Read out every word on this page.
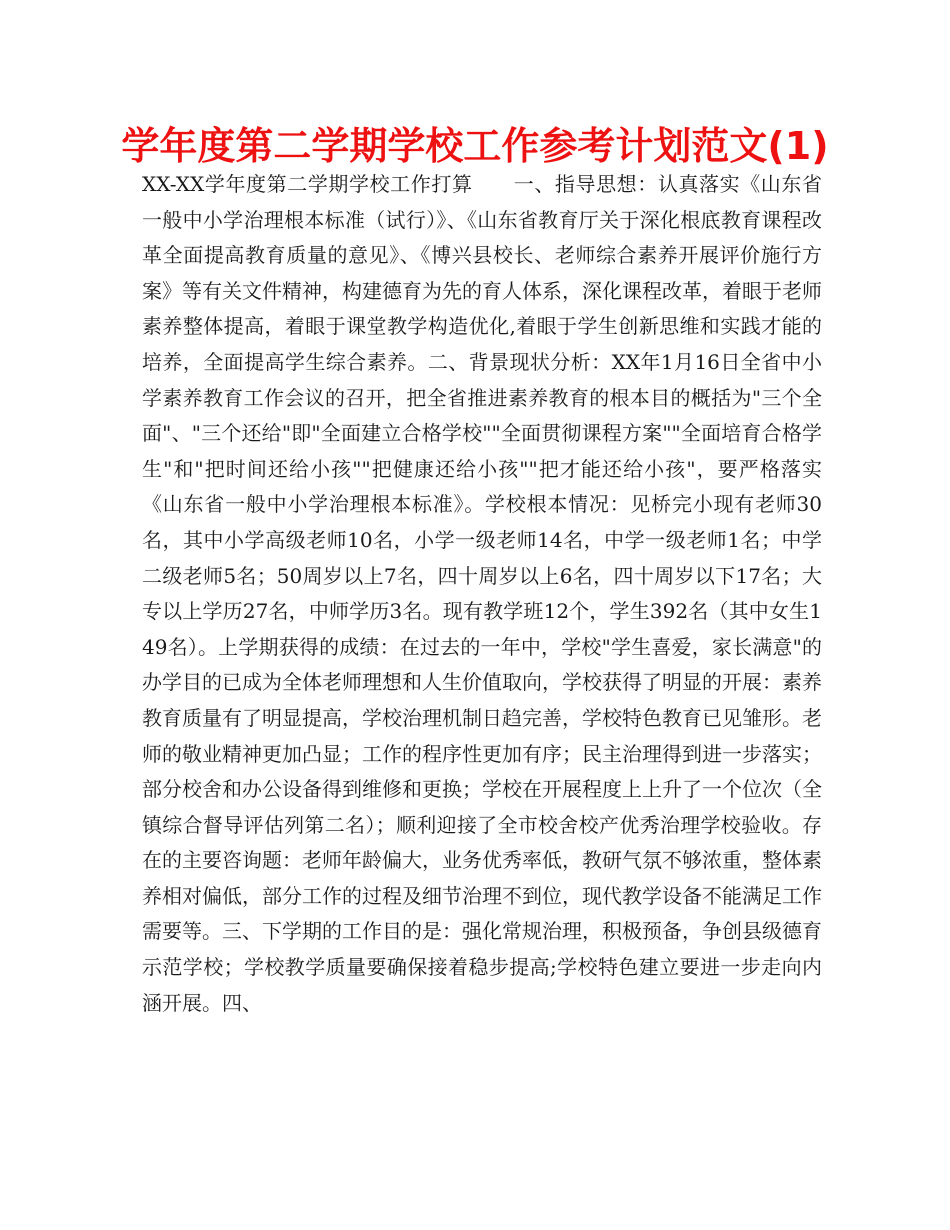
学年度第二学期学校工作参考计划范文(1)

XX-XX学年度第二学期学校工作打算　　一、指导思想：认真落实《山东省一般中小学治理根本标准（试行）》、《山东省教育厅关于深化根底教育课程改革全面提高教育质量的意见》、《博兴县校长、老师综合素养开展评价施行方案》等有关文件精神，构建德育为先的育人体系，深化课程改革，着眼于老师素养整体提高，着眼于课堂教学构造优化,着眼于学生创新思维和实践才能的培养，全面提高学生综合素养。二、背景现状分析：XX年1月16日全省中小学素养教育工作会议的召开，把全省推进素养教育的根本目的概括为"三个全面"、"三个还给"即"全面建立合格学校""全面贯彻课程方案""全面培育合格学生"和"把时间还给小孩""把健康还给小孩""把才能还给小孩"，要严格落实《山东省一般中小学治理根本标准》。学校根本情况：见桥完小现有老师30名，其中小学高级老师10名，小学一级老师14名，中学一级老师1名；中学二级老师5名；50周岁以上7名，四十周岁以上6名，四十周岁以下17名；大专以上学历27名，中师学历3名。现有教学班12个，学生392名（其中女生149名）。上学期获得的成绩：在过去的一年中，学校"学生喜爱，家长满意"的办学目的已成为全体老师理想和人生价值取向，学校获得了明显的开展：素养教育质量有了明显提高，学校治理机制日趋完善，学校特色教育已见雏形。老师的敬业精神更加凸显；工作的程序性更加有序；民主治理得到进一步落实；部分校舍和办公设备得到维修和更换；学校在开展程度上上升了一个位次（全镇综合督导评估列第二名）；顺利迎接了全市校舍校产优秀治理学校验收。存在的主要咨询题：老师年龄偏大，业务优秀率低，教研气氛不够浓重，整体素养相对偏低，部分工作的过程及细节治理不到位，现代教学设备不能满足工作需要等。三、下学期的工作目的是：强化常规治理，积极预备，争创县级德育示范学校；学校教学质量要确保接着稳步提高;学校特色建立要进一步走向内涵开展。四、
